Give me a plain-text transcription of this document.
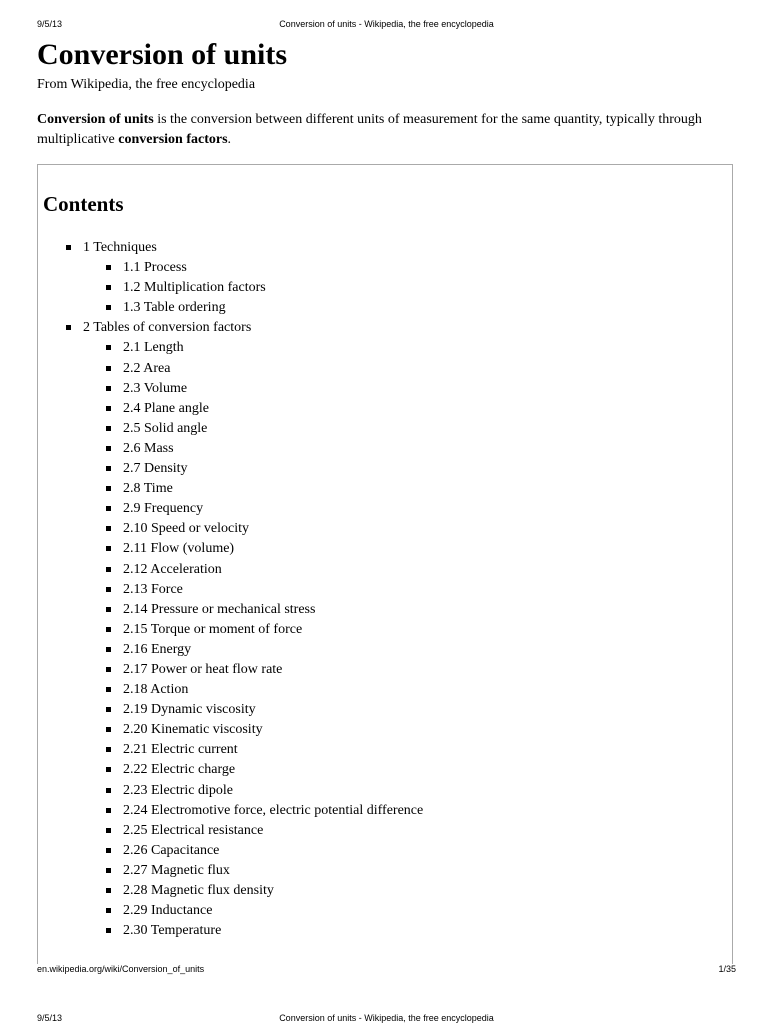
9/5/13	Conversion of units - Wikipedia, the free encyclopedia
Conversion of units
From Wikipedia, the free encyclopedia

Conversion of units is the conversion between different units of measurement for the same quantity, typically through multiplicative conversion factors.

Contents
1 Techniques
1.1 Process
1.2 Multiplication factors
1.3 Table ordering
2 Tables of conversion factors
2.1 Length
2.2 Area
2.3 Volume
2.4 Plane angle
2.5 Solid angle
2.6 Mass
2.7 Density
2.8 Time
2.9 Frequency
2.10 Speed or velocity
2.11 Flow (volume)
2.12 Acceleration
2.13 Force
2.14 Pressure or mechanical stress
2.15 Torque or moment of force
2.16 Energy
2.17 Power or heat flow rate
2.18 Action
2.19 Dynamic viscosity
2.20 Kinematic viscosity
2.21 Electric current
2.22 Electric charge
2.23 Electric dipole
2.24 Electromotive force, electric potential difference
2.25 Electrical resistance
2.26 Capacitance
2.27 Magnetic flux
2.28 Magnetic flux density
2.29 Inductance
2.30 Temperature
en.wikipedia.org/wiki/Conversion_of_units	1/35
9/5/13	Conversion of units - Wikipedia, the free encyclopedia
